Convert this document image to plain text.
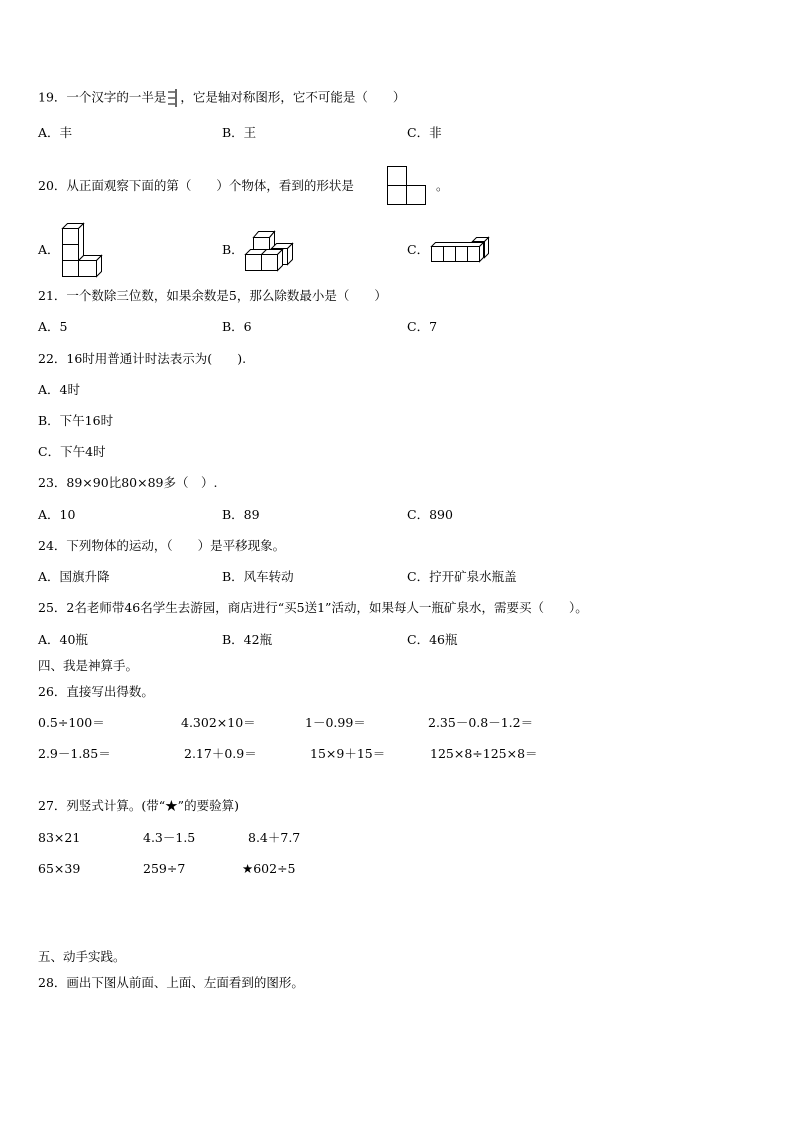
19．一个汉字的一半是 ，它是轴对称图形，它不可能是（　　）
A．丰	B．王	C．非
20．从正面观察下面的第（　　）个物体，看到的形状是	。
A．	B．	C．
21．一个数除三位数，如果余数是5，那么除数最小是（　　）
A．5	B．6	C．7
22．16时用普通计时法表示为(　　).
A．4时
B．下午16时
C．下午4时
23．89×90比80×89多（　）.
A．10	B．89	C．890
24．下列物体的运动，（　　）是平移现象。
A．国旗升降	B．风车转动	C．拧开矿泉水瓶盖
25．2名老师带46名学生去游园，商店进行“买5送1”活动，如果每人一瓶矿泉水，需要买（　　）。
A．40瓶	B．42瓶	C．46瓶
四、我是神算手。
26．直接写出得数。
0.5÷100＝	4.302×10＝	1－0.99＝	2.35－0.8－1.2＝
2.9－1.85＝	2.17＋0.9＝	15×9＋15＝	125×8÷125×8＝
27．列竖式计算。(带“★”的要验算)
83×21	4.3－1.5	8.4＋7.7
65×39	259÷7	★602÷5
五、动手实践。
28．画出下图从前面、上面、左面看到的图形。
